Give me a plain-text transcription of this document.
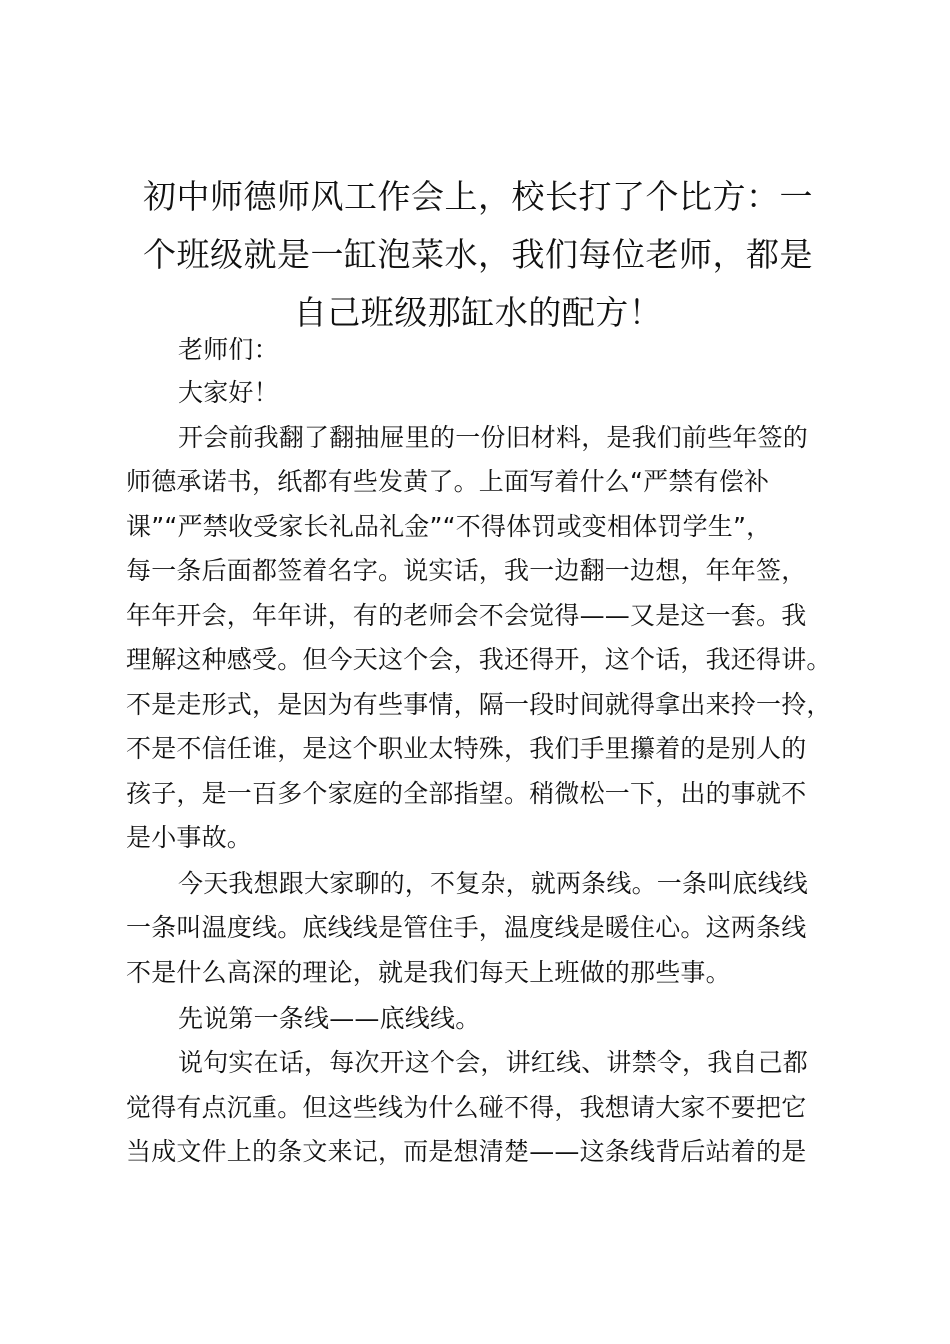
初中师德师风工作会上，校长打了个比方：一
个班级就是一缸泡菜水，我们每位老师，都是
自己班级那缸水的配方！
老师们：
大家好！
开会前我翻了翻抽屉里的一份旧材料，是我们前些年签的
师德承诺书，纸都有些发黄了。上面写着什么“严禁有偿补
课”“严禁收受家长礼品礼金”“不得体罚或变相体罚学生”，
每一条后面都签着名字。说实话，我一边翻一边想，年年签，
年年开会，年年讲，有的老师会不会觉得——又是这一套。我
理解这种感受。但今天这个会，我还得开，这个话，我还得讲。
不是走形式，是因为有些事情，隔一段时间就得拿出来拎一拎，
不是不信任谁，是这个职业太特殊，我们手里攥着的是别人的
孩子，是一百多个家庭的全部指望。稍微松一下，出的事就不
是小事故。
今天我想跟大家聊的，不复杂，就两条线。一条叫底线线
一条叫温度线。底线线是管住手，温度线是暖住心。这两条线
不是什么高深的理论，就是我们每天上班做的那些事。
先说第一条线——底线线。
说句实在话，每次开这个会，讲红线、讲禁令，我自己都
觉得有点沉重。但这些线为什么碰不得，我想请大家不要把它
当成文件上的条文来记，而是想清楚——这条线背后站着的是
